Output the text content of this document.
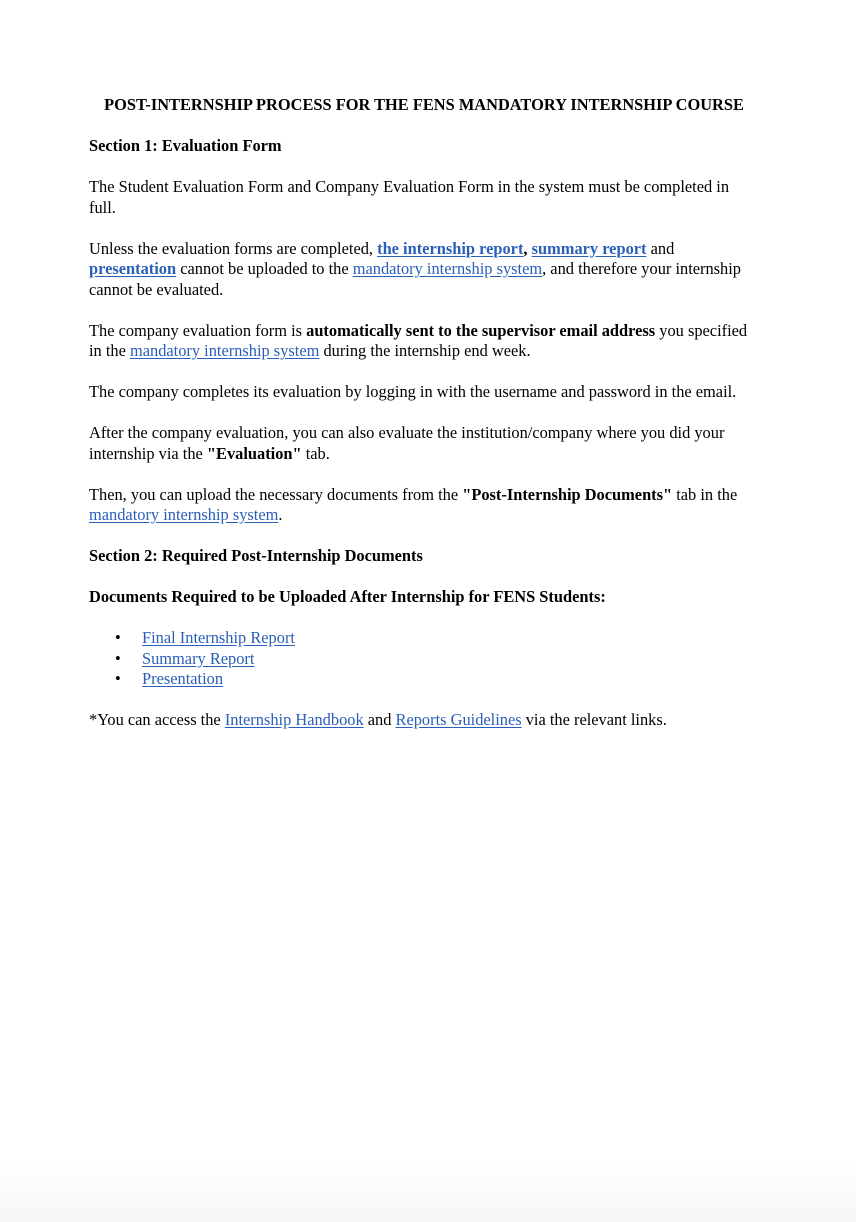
POST-INTERNSHIP PROCESS FOR THE FENS MANDATORY INTERNSHIP COURSE

Section 1: Evaluation Form

The Student Evaluation Form and Company Evaluation Form in the system must be completed in full.

Unless the evaluation forms are completed, the internship report, summary report and presentation cannot be uploaded to the mandatory internship system, and therefore your internship cannot be evaluated.

The company evaluation form is automatically sent to the supervisor email address you specified in the mandatory internship system during the internship end week.

The company completes its evaluation by logging in with the username and password in the email.

After the company evaluation, you can also evaluate the institution/company where you did your internship via the "Evaluation" tab.

Then, you can upload the necessary documents from the "Post-Internship Documents" tab in the mandatory internship system.

Section 2: Required Post-Internship Documents

Documents Required to be Uploaded After Internship for FENS Students:

• Final Internship Report
• Summary Report
• Presentation

*You can access the Internship Handbook and Reports Guidelines via the relevant links.
